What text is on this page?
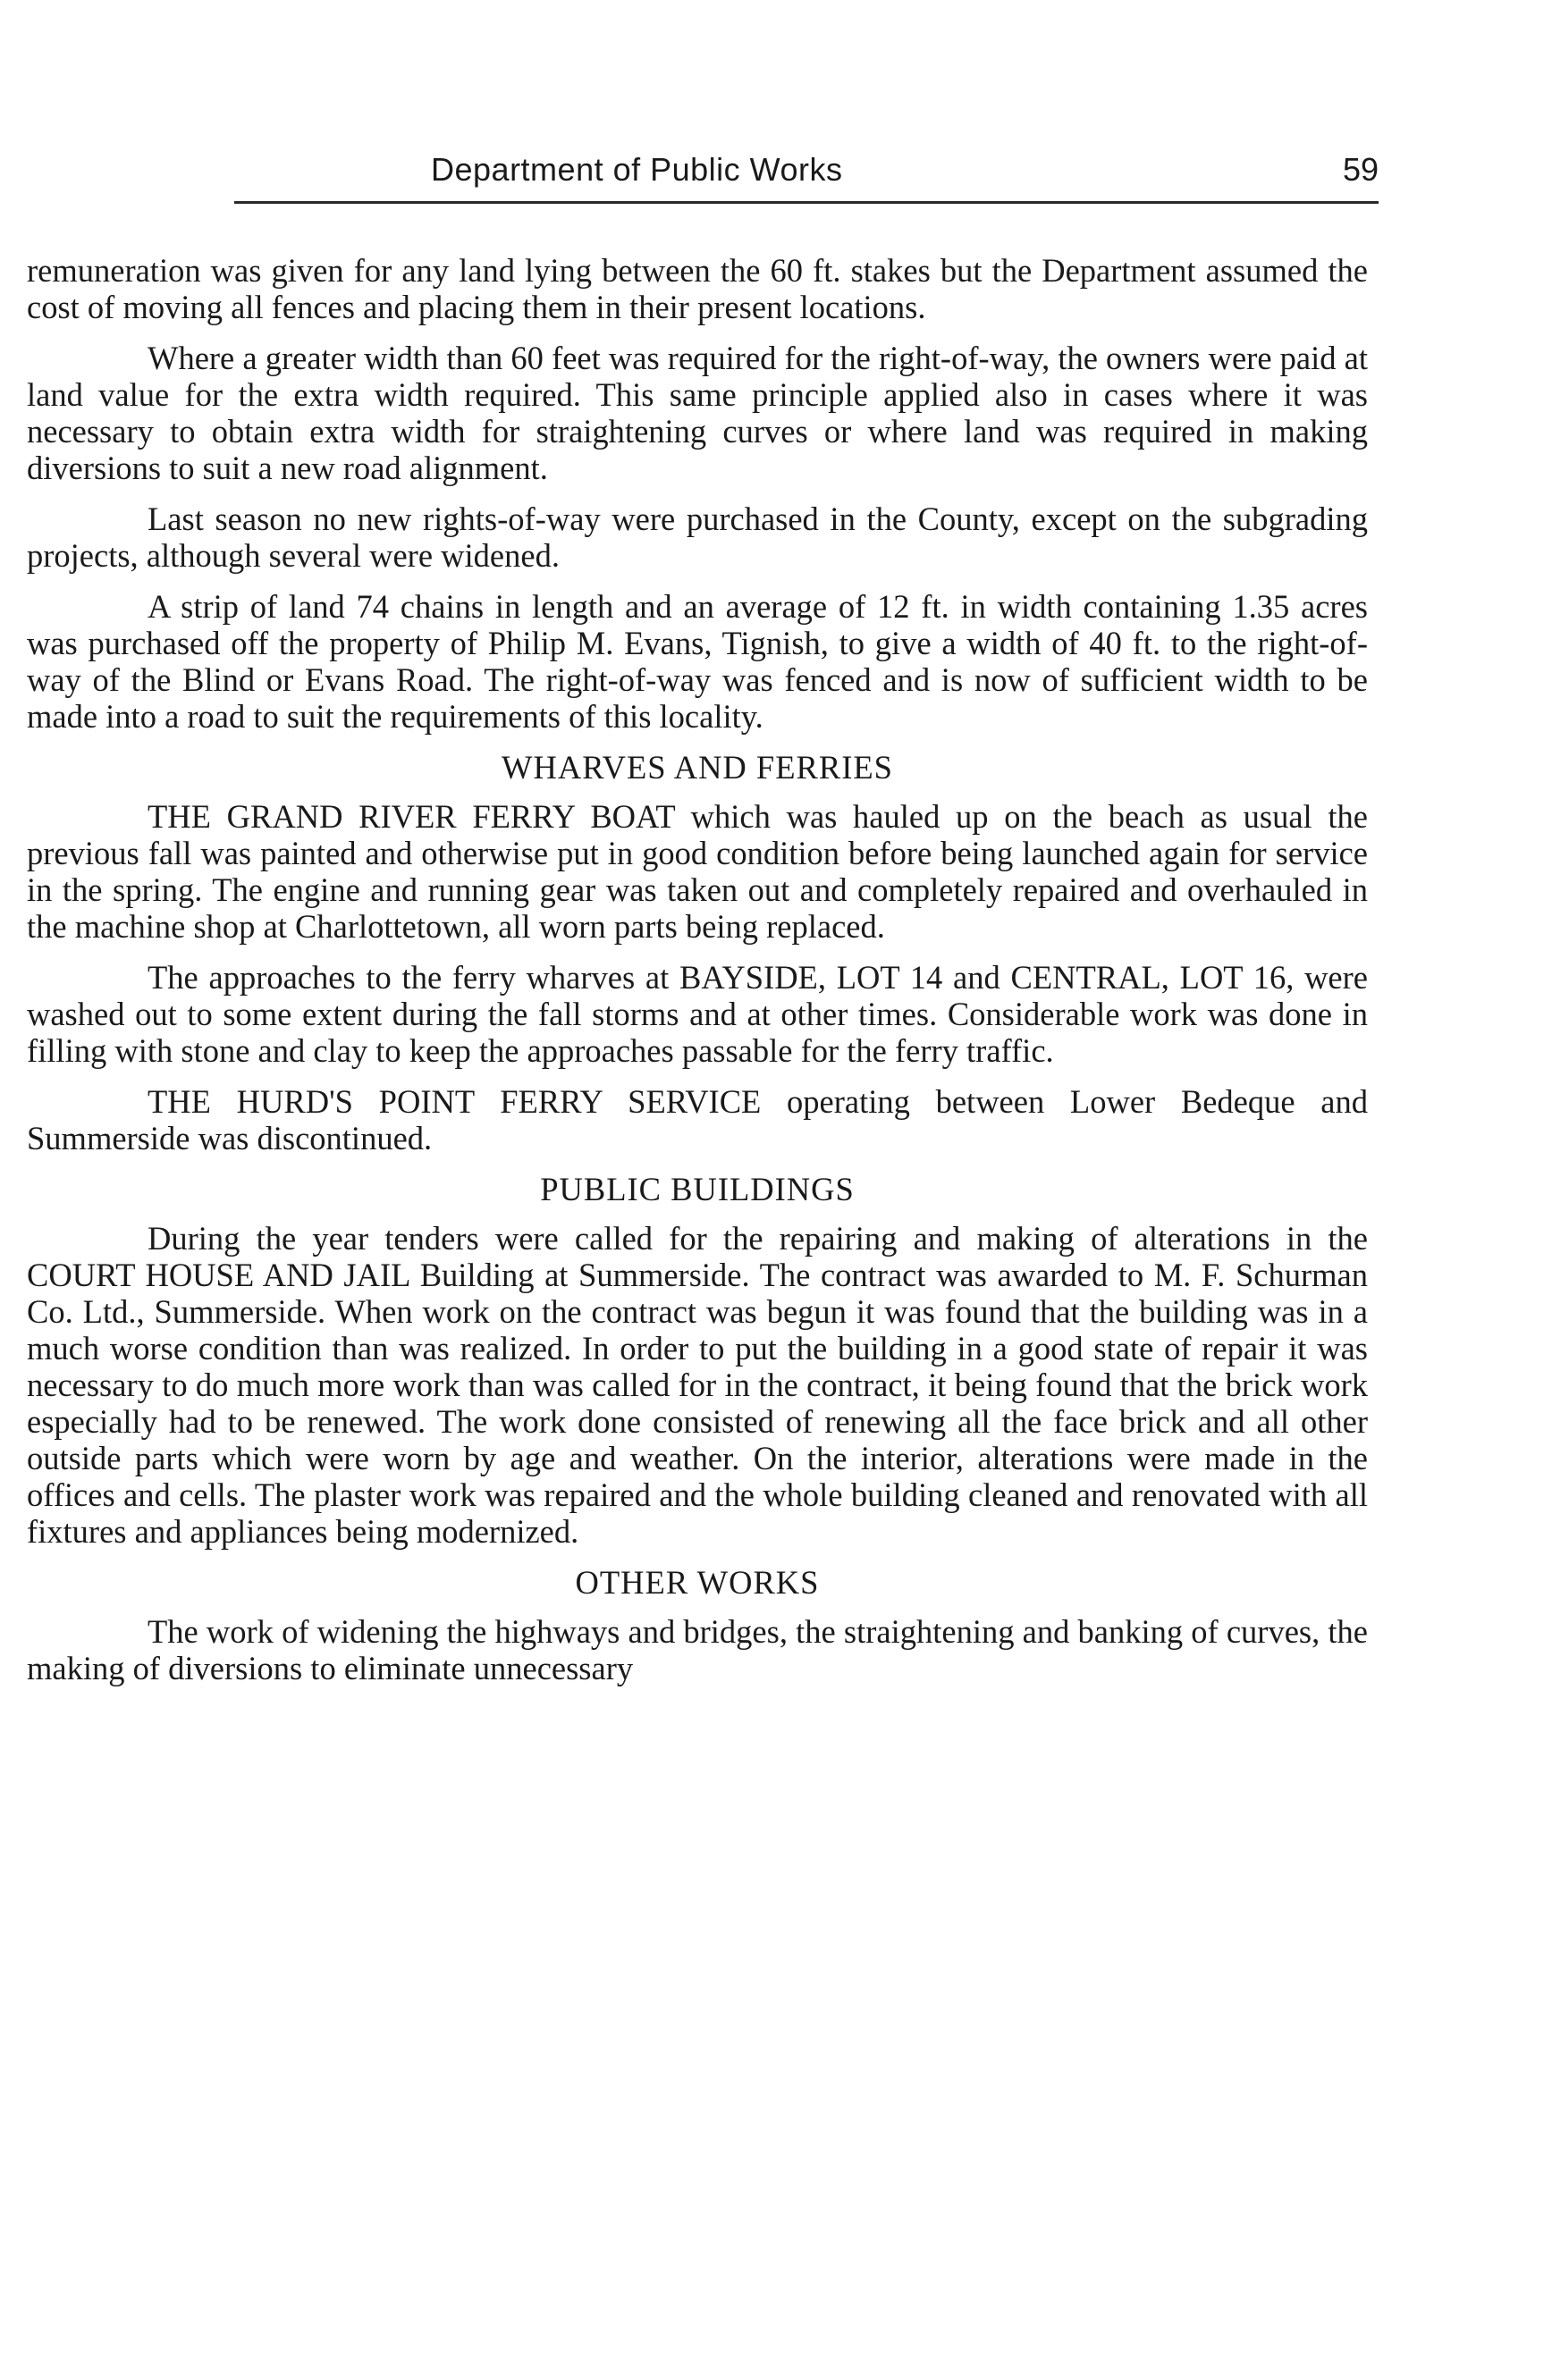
Department of Public Works	59

remuneration was given for any land lying between the 60 ft. stakes but the Department assumed the cost of moving all fences and placing them in their present locations.

Where a greater width than 60 feet was required for the right-of-way, the owners were paid at land value for the extra width required. This same principle applied also in cases where it was necessary to obtain extra width for straightening curves or where land was required in making diversions to suit a new road alignment.

Last season no new rights-of-way were purchased in the County, except on the subgrading projects, although several were widened.

A strip of land 74 chains in length and an average of 12 ft. in width containing 1.35 acres was purchased off the property of Philip M. Evans, Tignish, to give a width of 40 ft. to the right-of-way of the Blind or Evans Road. The right-of-way was fenced and is now of sufficient width to be made into a road to suit the requirements of this locality.

WHARVES AND FERRIES

THE GRAND RIVER FERRY BOAT which was hauled up on the beach as usual the previous fall was painted and otherwise put in good condition before being launched again for service in the spring. The engine and running gear was taken out and completely repaired and overhauled in the machine shop at Charlottetown, all worn parts being replaced.

The approaches to the ferry wharves at BAYSIDE, LOT 14 and CENTRAL, LOT 16, were washed out to some extent during the fall storms and at other times. Considerable work was done in filling with stone and clay to keep the approaches passable for the ferry traffic.

THE HURD'S POINT FERRY SERVICE operating between Lower Bedeque and Summerside was discontinued.

PUBLIC BUILDINGS

During the year tenders were called for the repairing and making of alterations in the COURT HOUSE AND JAIL Building at Summerside. The contract was awarded to M. F. Schurman Co. Ltd., Summerside. When work on the contract was begun it was found that the building was in a much worse condition than was realized. In order to put the building in a good state of repair it was necessary to do much more work than was called for in the contract, it being found that the brick work especially had to be renewed. The work done consisted of renewing all the face brick and all other outside parts which were worn by age and weather. On the interior, alterations were made in the offices and cells. The plaster work was repaired and the whole building cleaned and renovated with all fixtures and appliances being modernized.

OTHER WORKS

The work of widening the highways and bridges, the straightening and banking of curves, the making of diversions to eliminate unnecessary
